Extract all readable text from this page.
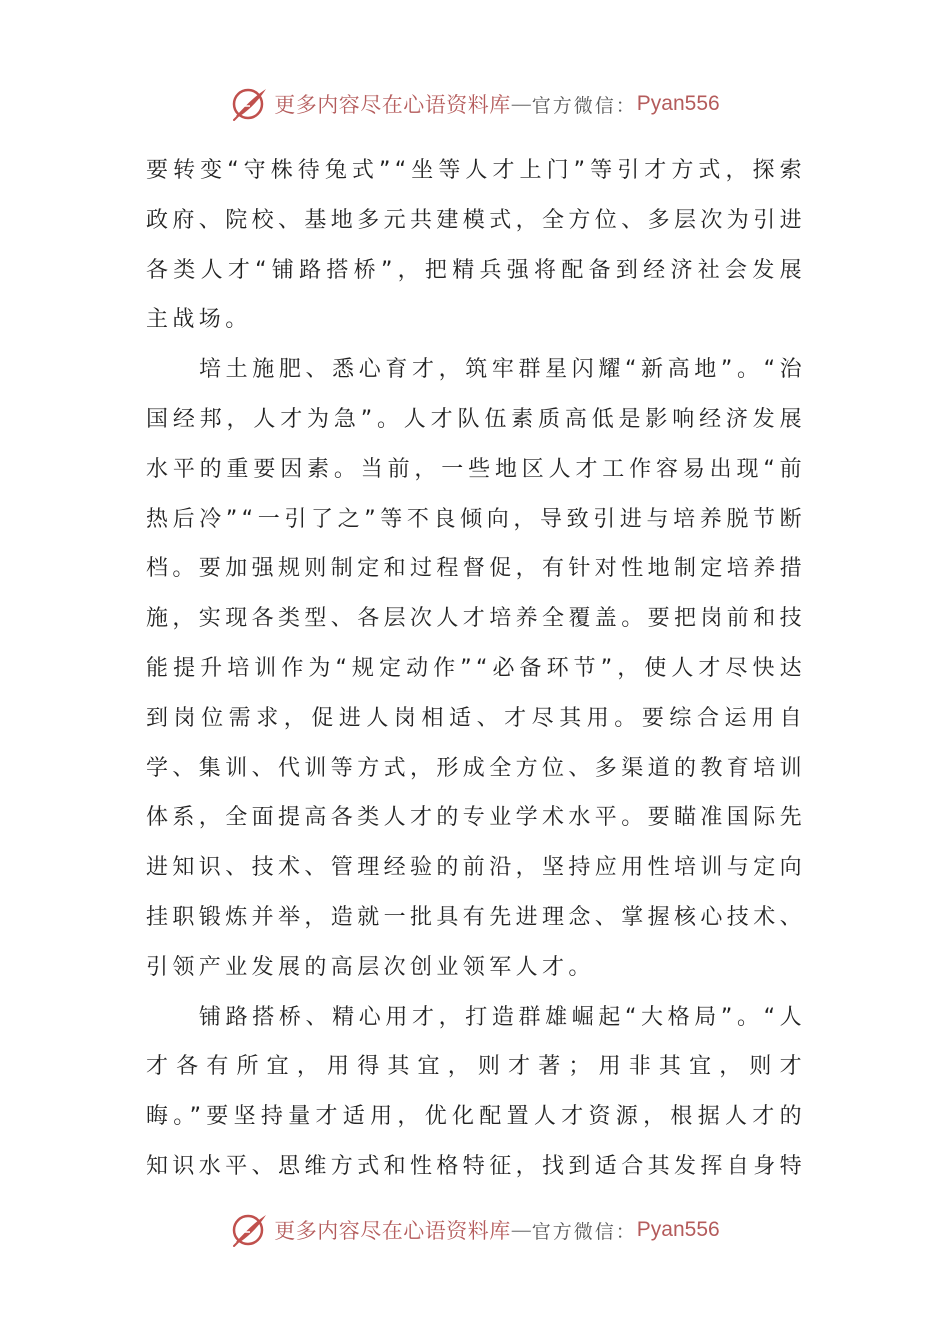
更多内容尽在心语资料库 — 官方微信： Pyan556

要转变“守株待兔式”“坐等人才上门”等引才方式，探索政府、院校、基地多元共建模式，全方位、多层次为引进各类人才“铺路搭桥”，把精兵强将配备到经济社会发展主战场。

培土施肥、悉心育才，筑牢群星闪耀“新高地”。“治国经邦，人才为急”。人才队伍素质高低是影响经济发展水平的重要因素。当前，一些地区人才工作容易出现“前热后冷”“一引了之”等不良倾向，导致引进与培养脱节断档。要加强规则制定和过程督促，有针对性地制定培养措施，实现各类型、各层次人才培养全覆盖。要把岗前和技能提升培训作为“规定动作”“必备环节”，使人才尽快达到岗位需求，促进人岗相适、才尽其用。要综合运用自学、集训、代训等方式，形成全方位、多渠道的教育培训体系，全面提高各类人才的专业学术水平。要瞄准国际先进知识、技术、管理经验的前沿，坚持应用性培训与定向挂职锻炼并举，造就一批具有先进理念、掌握核心技术、引领产业发展的高层次创业领军人才。

铺路搭桥、精心用才，打造群雄崛起“大格局”。“人才各有所宜，用得其宜，则才著；用非其宜，则才晦。”要坚持量才适用，优化配置人才资源，根据人才的知识水平、思维方式和性格特征，找到适合其发挥自身特

更多内容尽在心语资料库 — 官方微信： Pyan556
